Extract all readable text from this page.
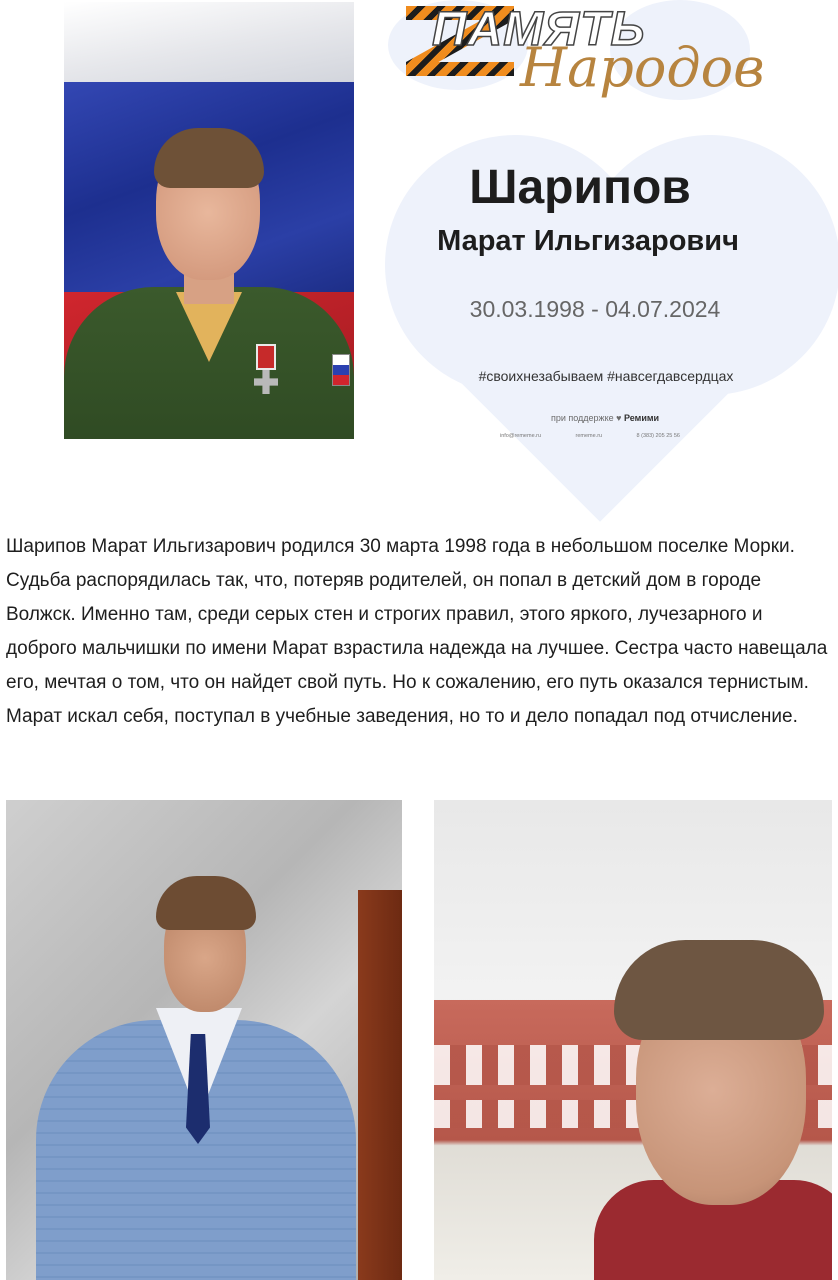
ПАМЯТЬ
Народов
Шарипов
Марат Ильгизарович
30.03.1998 - 04.07.2024
#своихнезабываем #навсегдавсердцах
при поддержке ♥ Ремими
info@rememe.ru	rememe.ru	8 (383) 205 25 56

Шарипов Марат Ильгизарович родился 30 марта 1998 года в небольшом поселке Морки. Судьба распорядилась так, что, потеряв родителей, он попал в детский дом в городе Волжск. Именно там, среди серых стен и строгих правил, этого яркого, лучезарного и доброго мальчишки по имени Марат взрастила надежда на лучшее. Сестра часто навещала его, мечтая о том, что он найдет свой путь. Но к сожалению, его путь оказался тернистым. Марат искал себя, поступал в учебные заведения, но то и дело попадал под отчисление.
